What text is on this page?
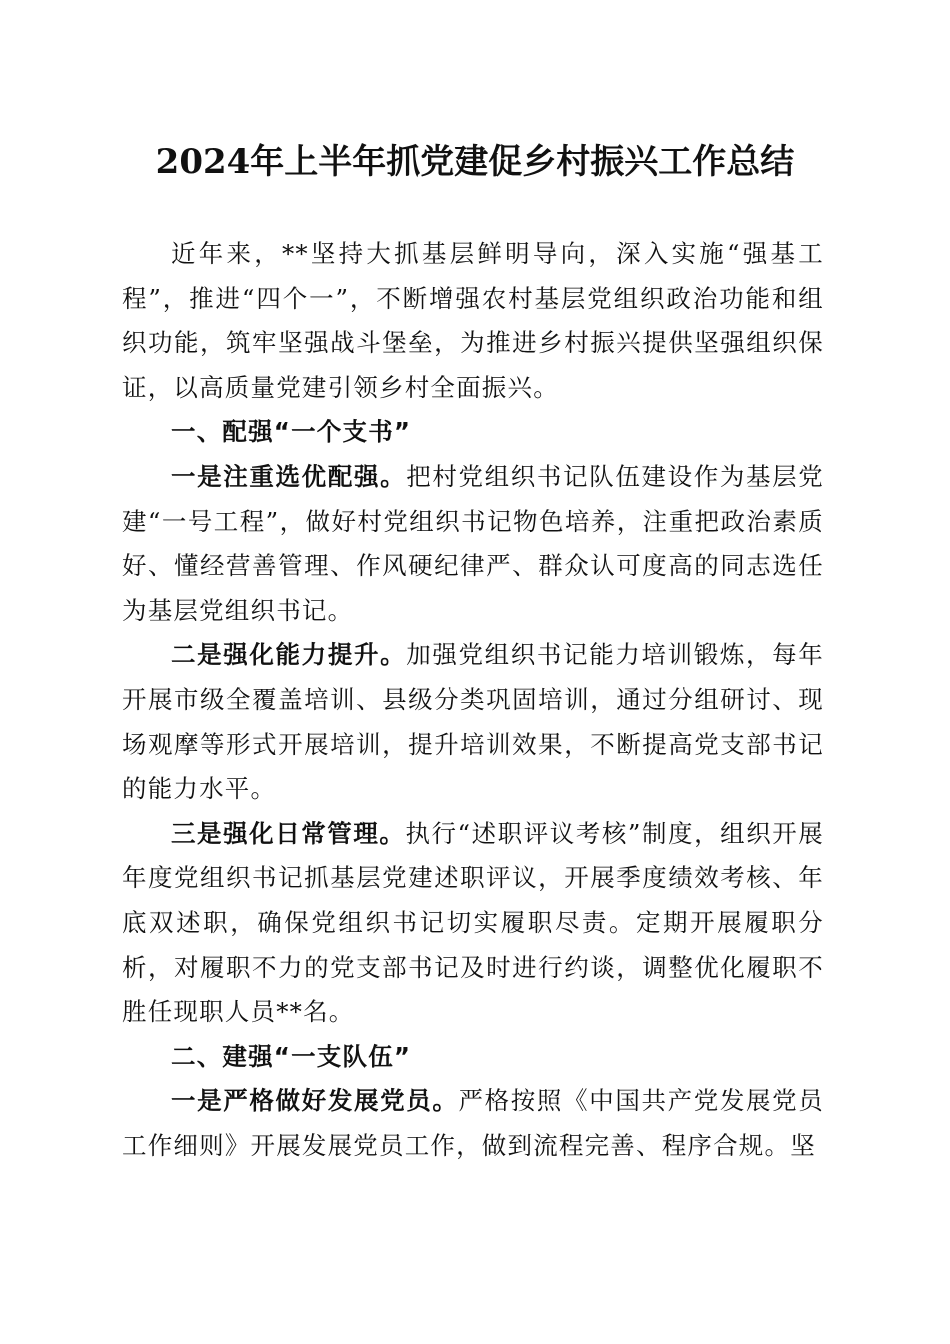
2024年上半年抓党建促乡村振兴工作总结

近年来，**坚持大抓基层鲜明导向，深入实施“强基工程”，推进“四个一”，不断增强农村基层党组织政治功能和组织功能，筑牢坚强战斗堡垒，为推进乡村振兴提供坚强组织保证，以高质量党建引领乡村全面振兴。

一、配强“一个支书”

一是注重选优配强。把村党组织书记队伍建设作为基层党建“一号工程”，做好村党组织书记物色培养，注重把政治素质好、懂经营善管理、作风硬纪律严、群众认可度高的同志选任为基层党组织书记。

二是强化能力提升。加强党组织书记能力培训锻炼，每年开展市级全覆盖培训、县级分类巩固培训，通过分组研讨、现场观摩等形式开展培训，提升培训效果，不断提高党支部书记的能力水平。

三是强化日常管理。执行“述职评议考核”制度，组织开展年度党组织书记抓基层党建述职评议，开展季度绩效考核、年底双述职，确保党组织书记切实履职尽责。定期开展履职分析，对履职不力的党支部书记及时进行约谈，调整优化履职不胜任现职人员**名。

二、建强“一支队伍”

一是严格做好发展党员。严格按照《中国共产党发展党员工作细则》开展发展党员工作，做到流程完善、程序合规。坚
